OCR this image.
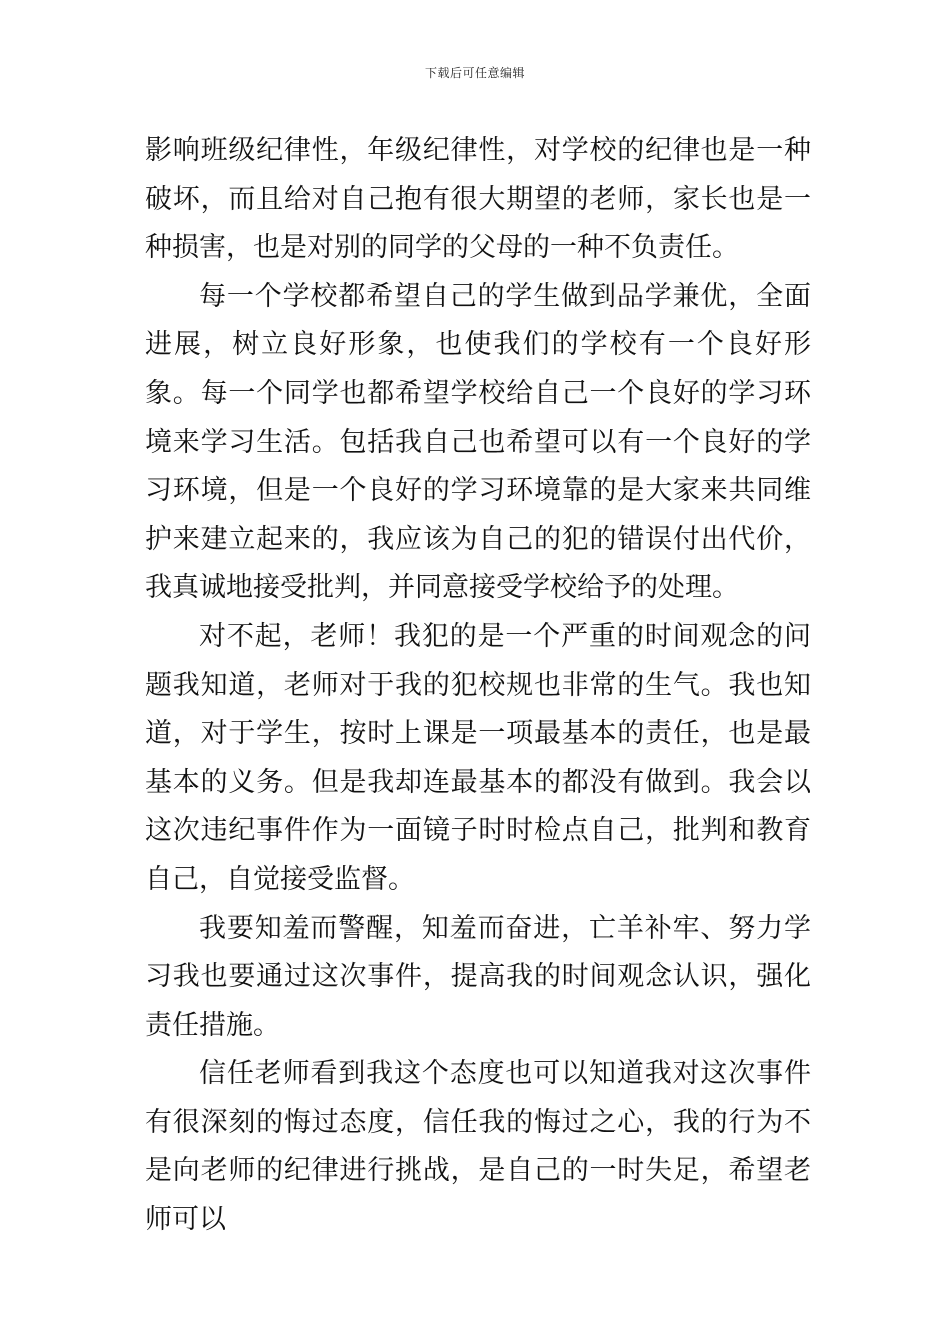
下载后可任意编辑

影响班级纪律性，年级纪律性，对学校的纪律也是一种破坏，而且给对自己抱有很大期望的老师，家长也是一种损害，也是对别的同学的父母的一种不负责任。

每一个学校都希望自己的学生做到品学兼优，全面进展，树立良好形象，也使我们的学校有一个良好形象。每一个同学也都希望学校给自己一个良好的学习环境来学习生活。包括我自己也希望可以有一个良好的学习环境，但是一个良好的学习环境靠的是大家来共同维护来建立起来的，我应该为自己的犯的错误付出代价，我真诚地接受批判，并同意接受学校给予的处理。

对不起，老师！我犯的是一个严重的时间观念的问题我知道，老师对于我的犯校规也非常的生气。我也知道，对于学生，按时上课是一项最基本的责任，也是最基本的义务。但是我却连最基本的都没有做到。我会以这次违纪事件作为一面镜子时时检点自己，批判和教育自己，自觉接受监督。

我要知羞而警醒，知羞而奋进，亡羊补牢、努力学习我也要通过这次事件，提高我的时间观念认识，强化责任措施。

信任老师看到我这个态度也可以知道我对这次事件有很深刻的悔过态度，信任我的悔过之心，我的行为不是向老师的纪律进行挑战，是自己的一时失足，希望老师可以
